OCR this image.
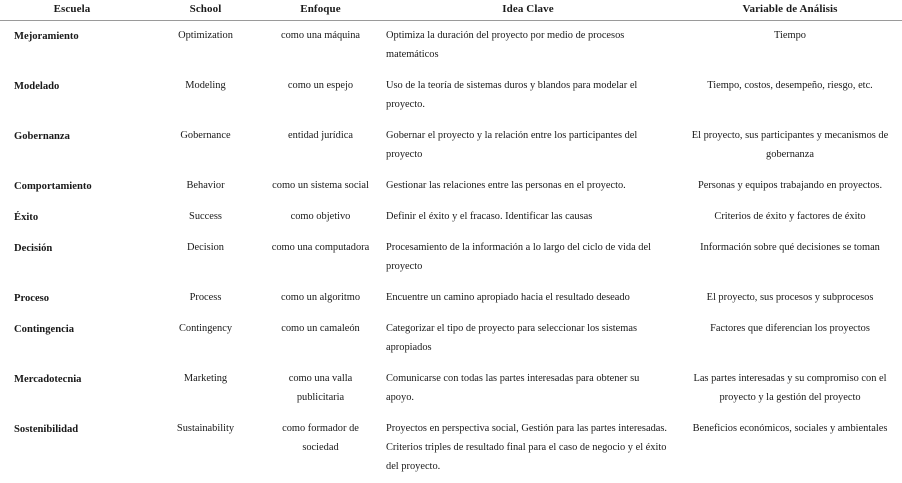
Escuela	School	Enfoque	Idea Clave	Variable de Análisis
Mejoramiento	Optimization	como una máquina	Optimiza la duración del proyecto por medio de procesos matemáticos	Tiempo
Modelado	Modeling	como un espejo	Uso de la teoría de sistemas duros y blandos para modelar el proyecto.	Tiempo, costos, desempeño, riesgo, etc.
Gobernanza	Gobernance	entidad jurídica	Gobernar el proyecto y la relación entre los participantes del proyecto	El proyecto, sus participantes y mecanismos de gobernanza
Comportamiento	Behavior	como un sistema social	Gestionar las relaciones entre las personas en el proyecto.	Personas y equipos trabajando en proyectos.
Éxito	Success	como objetivo	Definir el éxito y el fracaso. Identificar las causas	Criterios de éxito y factores de éxito
Decisión	Decision	como una computadora	Procesamiento de la información a lo largo del ciclo de vida del proyecto	Información sobre qué decisiones se toman
Proceso	Process	como un algoritmo	Encuentre un camino apropiado hacia el resultado deseado	El proyecto, sus procesos y subprocesos
Contingencia	Contingency	como un camaleón	Categorizar el tipo de proyecto para seleccionar los sistemas apropiados	Factores que diferencian los proyectos
Mercadotecnia	Marketing	como una valla publicitaria	Comunicarse con todas las partes interesadas para obtener su apoyo.	Las partes interesadas y su compromiso con el proyecto y la gestión del proyecto
Sostenibilidad	Sustainability	como formador de sociedad	Proyectos en perspectiva social, Gestión para las partes interesadas. Criterios triples de resultado final para el caso de negocio y el éxito del proyecto.	Beneficios económicos, sociales y ambientales
